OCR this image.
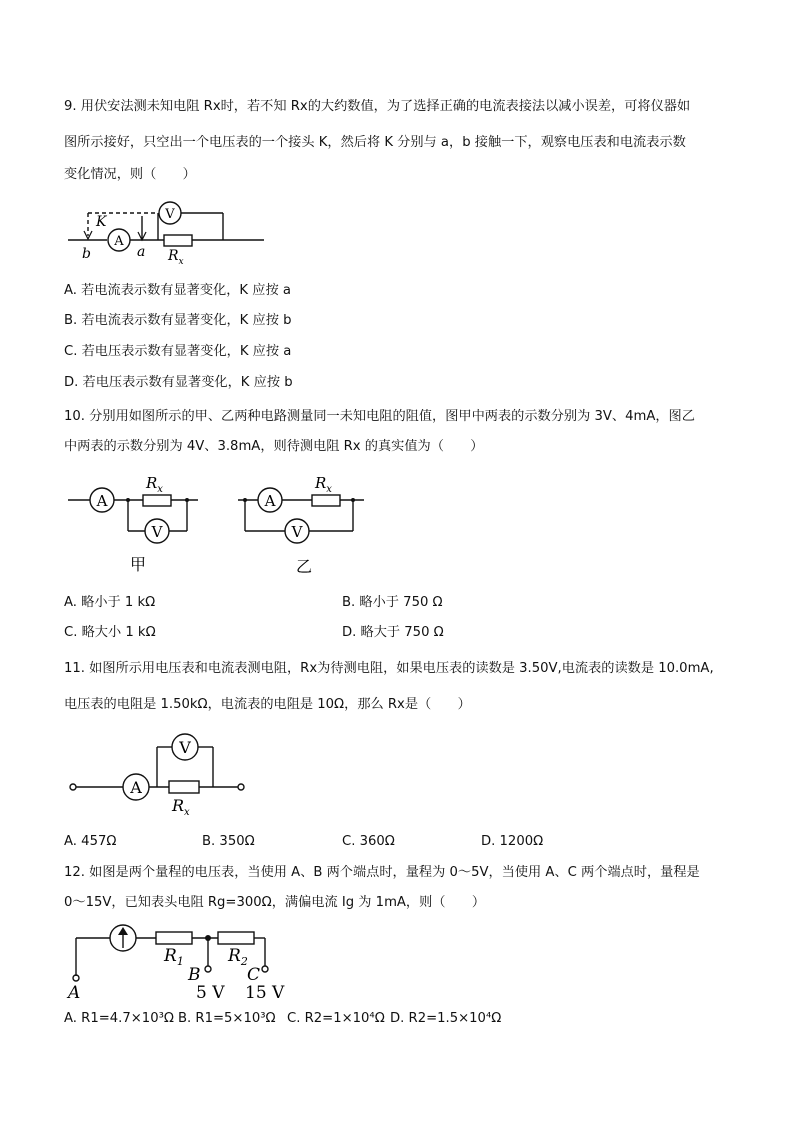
9. 用伏安法测未知电阻 Rx时，若不知 Rx的大约数值，为了选择正确的电流表接法以减小误差，可将仪器如
图所示接好，只空出一个电压表的一个接头 K，然后将 K 分别与 a，b 接触一下，观察电压表和电流表示数
变化情况，则（　　）
A
V
K
b	a $R_x$
A. 若电流表示数有显著变化，K 应按 a
B. 若电流表示数有显著变化，K 应按 b
C. 若电压表示数有显著变化，K 应按 a
D. 若电压表示数有显著变化，K 应按 b
10. 分别用如图所示的甲、乙两种电路测量同一未知电阻的阻值，图甲中两表的示数分别为 3V、4mA，图乙
中两表的示数分别为 4V、3.8mA，则待测电阻 Rx 的真实值为（　　）
A
V
$R_x$
A
V
$R_x$
甲	乙
A. 略小于 1 kΩ	B. 略小于 750 Ω
C. 略大小 1 kΩ	D. 略大于 750 Ω
11. 如图所示用电压表和电流表测电阻，Rx为待测电阻，如果电压表的读数是 3.50V,电流表的读数是 10.0mA,
电压表的电阻是 1.50kΩ，电流表的电阻是 10Ω，那么 Rx是（　　）
A
V
$R_x$
A. 457Ω	B. 350Ω	C. 360Ω	D. 1200Ω
12. 如图是两个量程的电压表，当使用 A、B 两个端点时，量程为 0～5V，当使用 A、C 两个端点时，量程是
0～15V，已知表头电阻 Rg=300Ω，满偏电流 Ig 为 1mA，则（　　）
$R_1$	$R_2$
A
B	C
5 V 15 V
A. R1=4.7×10³Ω B. R1=5×10³Ω C. R2=1×10⁴Ω D. R2=1.5×10⁴Ω
